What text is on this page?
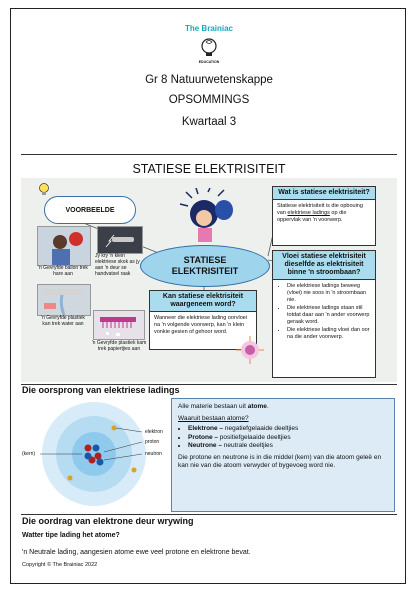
The Brainiac
EDUCATION
Gr 8 Natuurwetenskappe
OPSOMMINGS
Kwartaal 3
STATIESE ELEKTRISITEIT
VOORBEELDE
'n Gevryfde ballon trek hare aan
Jy kry 'n klein elektriese skok as jy aan 'n deur se handvatsel raak
'n Gevryfde plastiek kan trek water aan
'n Gevryfde plastiek kam trek papiertjies aan
STATIESE
ELEKTRISITEIT
Wat is statiese elektrisiteit?
Statiese elektrisiteit is die opbouing van elektriese ladings op die oppervlak van 'n voorwerp.
Vloei statiese elektrisiteit dieselfde as elektrisiteit binne 'n stroombaan?
• Die elektriese ladings beweeg (vloei) nie soos in 'n stroombaan nie.
• Die elektriese ladings staan stil totdat daar aan 'n ander voorwerp geraak word.
• Die elektriese lading vloei dan oor na die ander voorwerp.
Kan statiese elektrisiteit waargeneem word?
Wanneer die elektriese lading oorvloei na 'n volgende voorwerp, kan 'n klein vonkie gesien of gehoor word.
Die oorsprong van elektriese ladings
elektron
proton
neutron
(kern)
Alle materie bestaan uit atome.
Waaruit bestaan atome?
• Elektrone – negatiefgelaaide deeltjies
• Protone – positiefgelaaide deeltjies
• Neutrone – neutrale deeltjies
Die protone en neutrone is in die middel (kern) van die atoom geleë en kan nie van die atoom verwyder of bygevoeg word nie.
Die oordrag van elektrone deur wrywing
Watter tipe lading het atome?
'n Neutrale lading, aangesien atome ewe veel protone en elektrone bevat.
Copyright © The Brainiac 2022
